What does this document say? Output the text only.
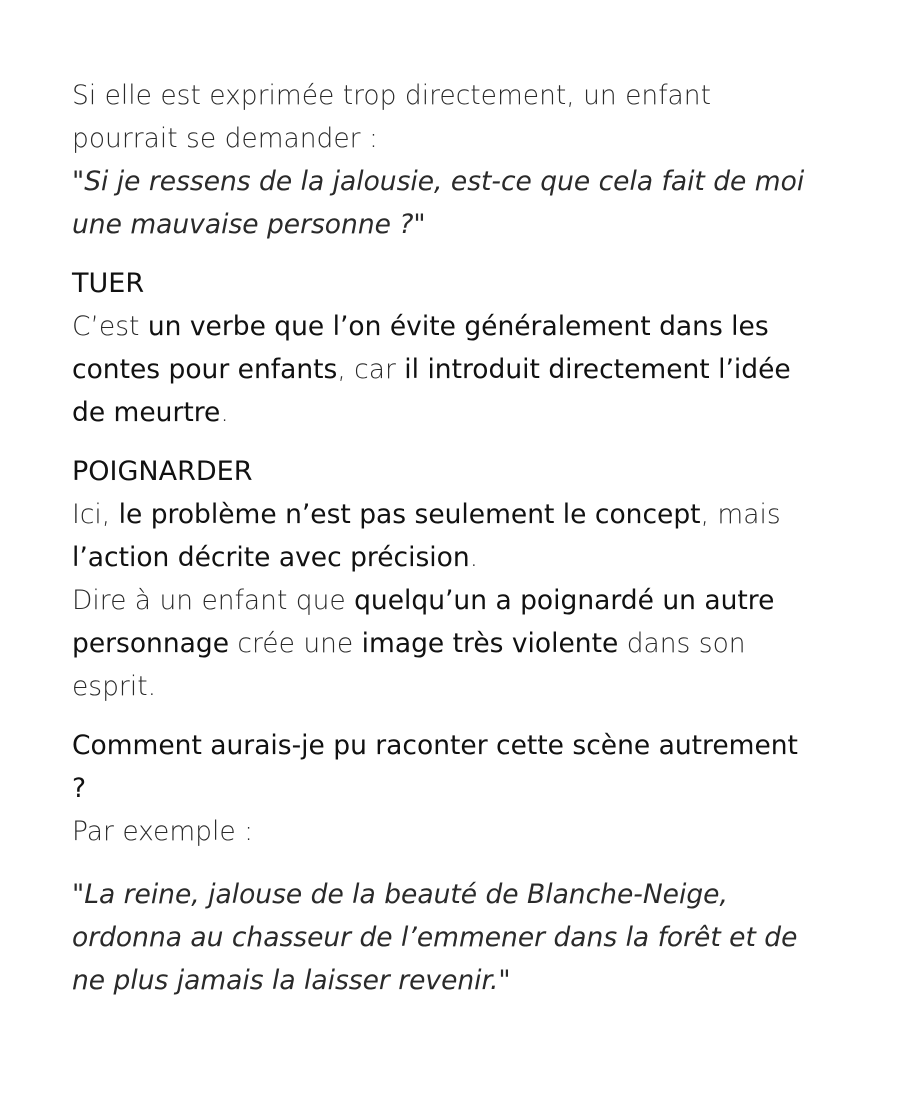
Si elle est exprimée trop directement, un enfant

pourrait se demander :

"Si je ressens de la jalousie, est-ce que cela fait de moi

une mauvaise personne ?"

TUER

C’est un verbe que l’on évite généralement dans les

contes pour enfants, car il introduit directement l’idée

de meurtre.

POIGNARDER

Ici, le problème n’est pas seulement le concept, mais

l’action décrite avec précision.

Dire à un enfant que quelqu’un a poignardé un autre

personnage crée une image très violente dans son

esprit.

Comment aurais-je pu raconter cette scène autrement

?

Par exemple :

"La reine, jalouse de la beauté de Blanche-Neige,

ordonna au chasseur de l’emmener dans la forêt et de

ne plus jamais la laisser revenir."
